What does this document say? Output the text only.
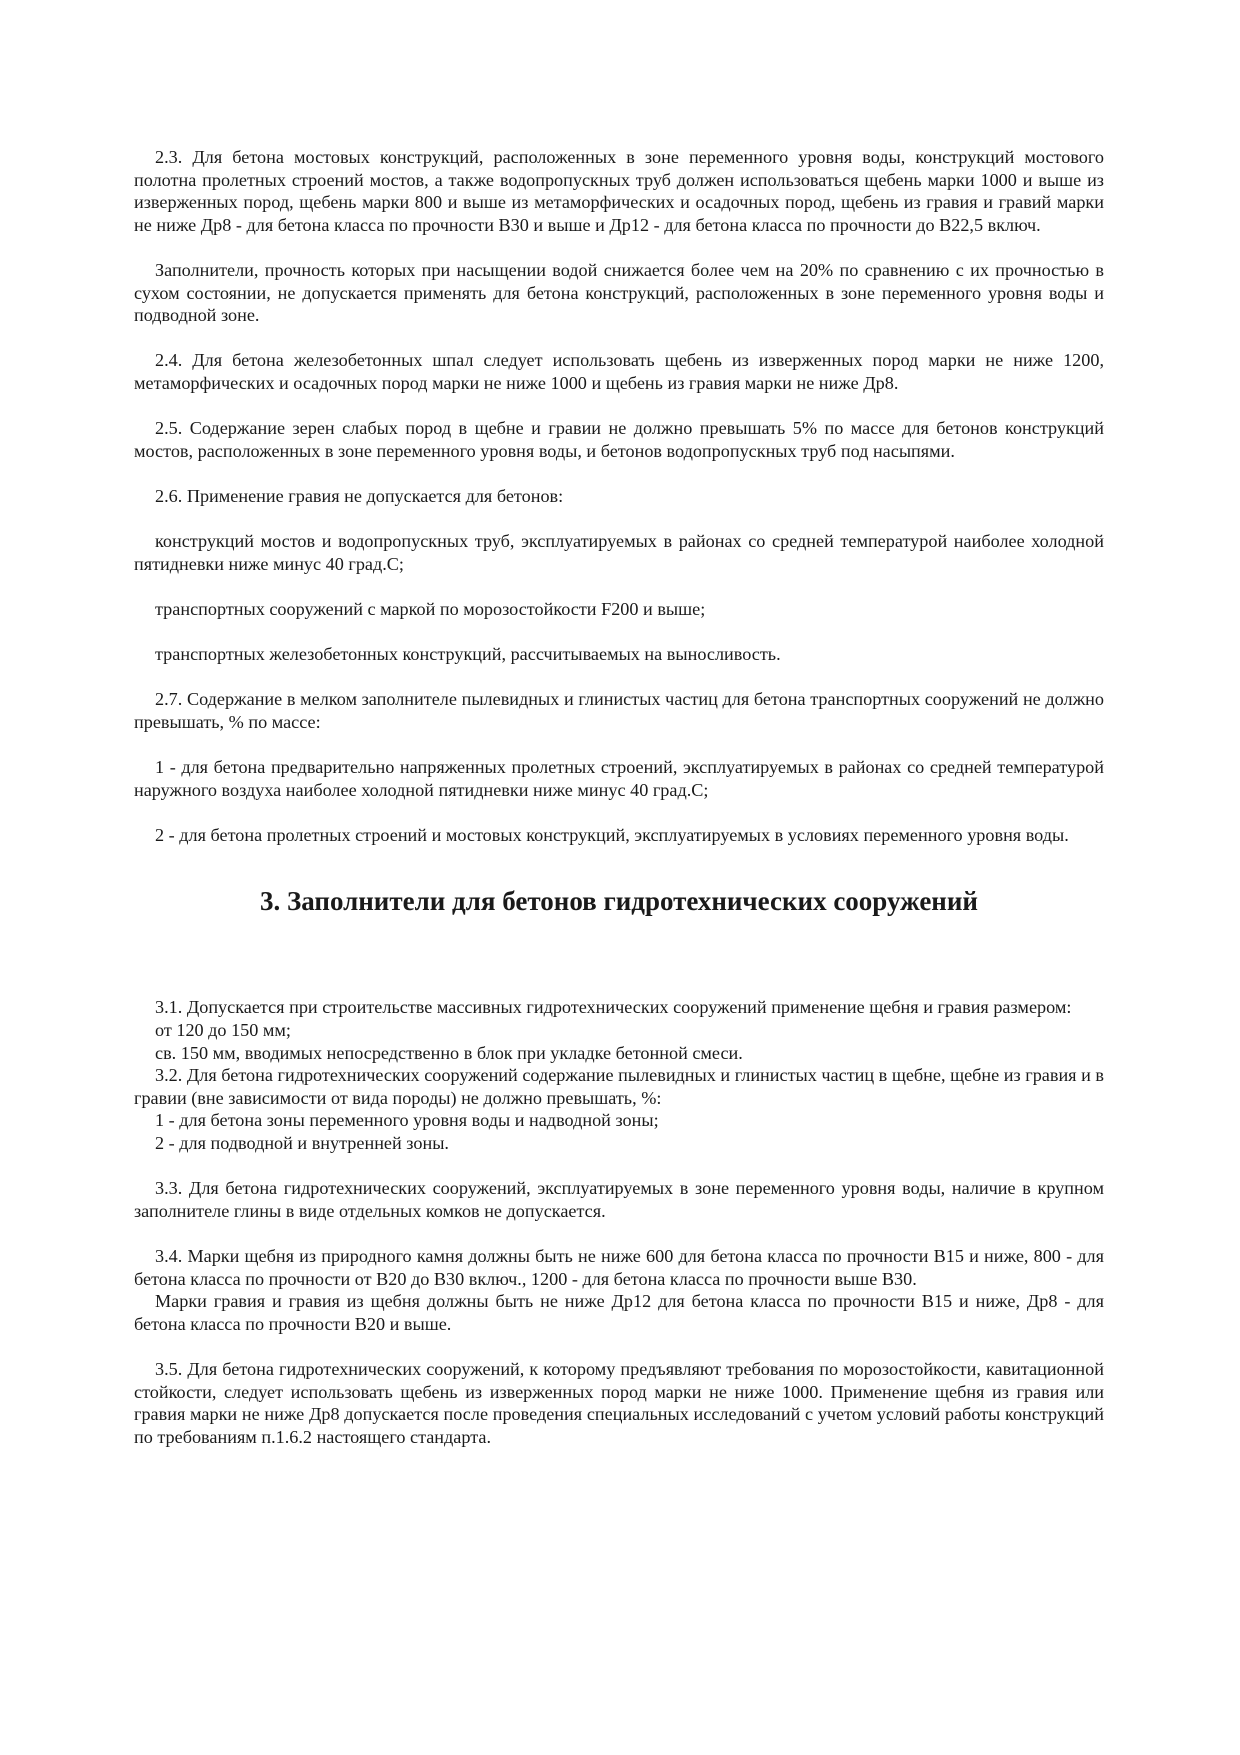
2.3. Для бетона мостовых конструкций, расположенных в зоне переменного уровня воды, конструкций мостового полотна пролетных строений мостов, а также водопропускных труб должен использоваться щебень марки 1000 и выше из изверженных пород, щебень марки 800 и выше из метаморфических и осадочных пород, щебень из гравия и гравий марки не ниже Др8 - для бетона класса по прочности В30 и выше и Др12 - для бетона класса по прочности до В22,5 включ.

Заполнители, прочность которых при насыщении водой снижается более чем на 20% по сравнению с их прочностью в сухом состоянии, не допускается применять для бетона конструкций, расположенных в зоне переменного уровня воды и подводной зоне.

2.4. Для бетона железобетонных шпал следует использовать щебень из изверженных пород марки не ниже 1200, метаморфических и осадочных пород марки не ниже 1000 и щебень из гравия марки не ниже Др8.

2.5. Содержание зерен слабых пород в щебне и гравии не должно превышать 5% по массе для бетонов конструкций мостов, расположенных в зоне переменного уровня воды, и бетонов водопропускных труб под насыпями.

2.6. Применение гравия не допускается для бетонов:

конструкций мостов и водопропускных труб, эксплуатируемых в районах со средней температурой наиболее холодной пятидневки ниже минус 40 град.С;

транспортных сооружений с маркой по морозостойкости F200 и выше;

транспортных железобетонных конструкций, рассчитываемых на выносливость.

2.7. Содержание в мелком заполнителе пылевидных и глинистых частиц для бетона транспортных сооружений не должно превышать, % по массе:

1 - для бетона предварительно напряженных пролетных строений, эксплуатируемых в районах со средней температурой наружного воздуха наиболее холодной пятидневки ниже минус 40 град.С;

2 - для бетона пролетных строений и мостовых конструкций, эксплуатируемых в условиях переменного уровня воды.

3. Заполнители для бетонов гидротехнических сооружений

3.1. Допускается при строительстве массивных гидротехнических сооружений применение щебня и гравия размером:

от 120 до 150 мм;

св. 150 мм, вводимых непосредственно в блок при укладке бетонной смеси.

3.2. Для бетона гидротехнических сооружений содержание пылевидных и глинистых частиц в щебне, щебне из гравия и в гравии (вне зависимости от вида породы) не должно превышать, %:

1 - для бетона зоны переменного уровня воды и надводной зоны;

2 - для подводной и внутренней зоны.

3.3. Для бетона гидротехнических сооружений, эксплуатируемых в зоне переменного уровня воды, наличие в крупном заполнителе глины в виде отдельных комков не допускается.

3.4. Марки щебня из природного камня должны быть не ниже 600 для бетона класса по прочности В15 и ниже, 800 - для бетона класса по прочности от В20 до В30 включ., 1200 - для бетона класса по прочности выше В30.

Марки гравия и гравия из щебня должны быть не ниже Др12 для бетона класса по прочности В15 и ниже, Др8 - для бетона класса по прочности В20 и выше.

3.5. Для бетона гидротехнических сооружений, к которому предъявляют требования по морозостойкости, кавитационной стойкости, следует использовать щебень из изверженных пород марки не ниже 1000. Применение щебня из гравия или гравия марки не ниже Др8 допускается после проведения специальных исследований с учетом условий работы конструкций по требованиям п.1.6.2 настоящего стандарта.
